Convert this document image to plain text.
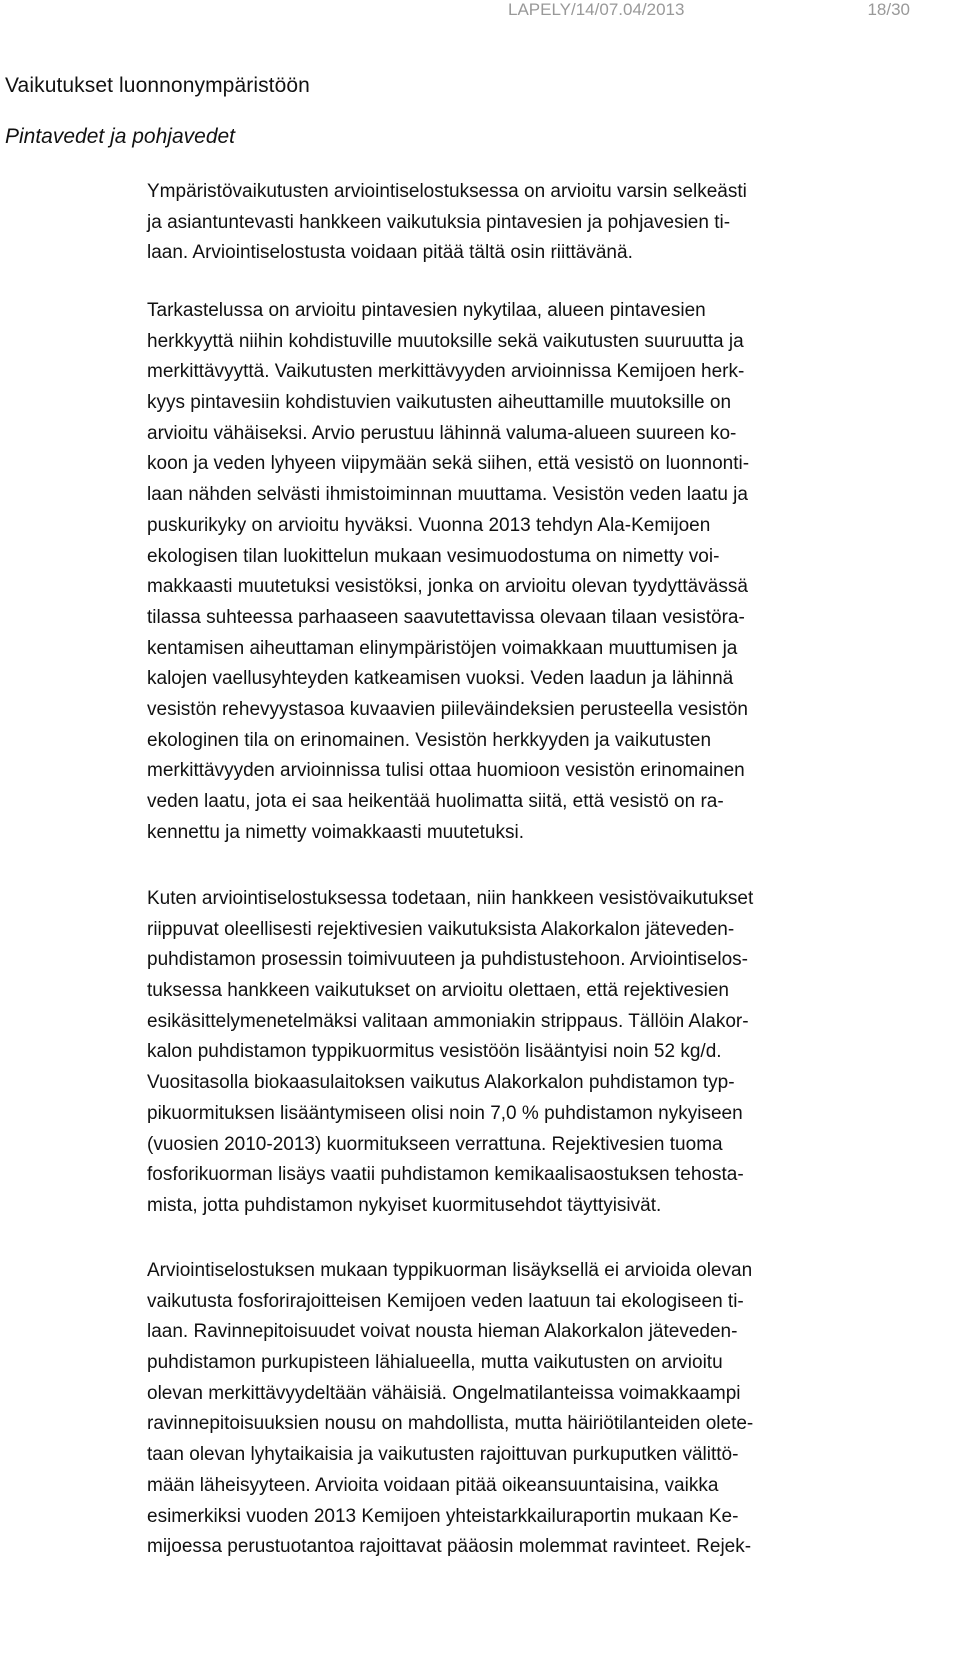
LAPELY/14/07.04/2013	18/30
Vaikutukset luonnonympäristöön
Pintavedet ja pohjavedet
Ympäristövaikutusten arviointiselostuksessa on arvioitu varsin selkeästi
ja asiantuntevasti hankkeen vaikutuksia pintavesien ja pohjavesien ti-
laan. Arviointiselostusta voidaan pitää tältä osin riittävänä.
Tarkastelussa on arvioitu pintavesien nykytilaa, alueen pintavesien
herkkyyttä niihin kohdistuville muutoksille sekä vaikutusten suuruutta ja
merkittävyyttä. Vaikutusten merkittävyyden arvioinnissa Kemijoen herk-
kyys pintavesiin kohdistuvien vaikutusten aiheuttamille muutoksille on
arvioitu vähäiseksi. Arvio perustuu lähinnä valuma-alueen suureen ko-
koon ja veden lyhyeen viipymään sekä siihen, että vesistö on luonnonti-
laan nähden selvästi ihmistoiminnan muuttama. Vesistön veden laatu ja
puskurikyky on arvioitu hyväksi. Vuonna 2013 tehdyn Ala-Kemijoen
ekologisen tilan luokittelun mukaan vesimuodostuma on nimetty voi-
makkaasti muutetuksi vesistöksi, jonka on arvioitu olevan tyydyttävässä
tilassa suhteessa parhaaseen saavutettavissa olevaan tilaan vesistöra-
kentamisen aiheuttaman elinympäristöjen voimakkaan muuttumisen ja
kalojen vaellusyhteyden katkeamisen vuoksi. Veden laadun ja lähinnä
vesistön rehevyystasoa kuvaavien piileväindeksien perusteella vesistön
ekologinen tila on erinomainen. Vesistön herkkyyden ja vaikutusten
merkittävyyden arvioinnissa tulisi ottaa huomioon vesistön erinomainen
veden laatu, jota ei saa heikentää huolimatta siitä, että vesistö on ra-
kennettu ja nimetty voimakkaasti muutetuksi.
Kuten arviointiselostuksessa todetaan, niin hankkeen vesistövaikutukset
riippuvat oleellisesti rejektivesien vaikutuksista Alakorkalon jäteveden-
puhdistamon prosessin toimivuuteen ja puhdistustehoon. Arviointiselos-
tuksessa hankkeen vaikutukset on arvioitu olettaen, että rejektivesien
esikäsittelymenetelmäksi valitaan ammoniakin strippaus. Tällöin Alakor-
kalon puhdistamon typpikuormitus vesistöön lisääntyisi noin 52 kg/d.
Vuositasolla biokaasulaitoksen vaikutus Alakorkalon puhdistamon typ-
pikuormituksen lisääntymiseen olisi noin 7,0 % puhdistamon nykyiseen
(vuosien 2010-2013) kuormitukseen verrattuna. Rejektivesien tuoma
fosforikuorman lisäys vaatii puhdistamon kemikaalisaostuksen tehosta-
mista, jotta puhdistamon nykyiset kuormitusehdot täyttyisivät.
Arviointiselostuksen mukaan typpikuorman lisäyksellä ei arvioida olevan
vaikutusta fosforirajoitteisen Kemijoen veden laatuun tai ekologiseen ti-
laan. Ravinnepitoisuudet voivat nousta hieman Alakorkalon jäteveden-
puhdistamon purkupisteen lähialueella, mutta vaikutusten on arvioitu
olevan merkittävyydeltään vähäisiä. Ongelmatilanteissa voimakkaampi
ravinnepitoisuuksien nousu on mahdollista, mutta häiriötilanteiden olete-
taan olevan lyhytaikaisia ja vaikutusten rajoittuvan purkuputken välittö-
mään läheisyyteen. Arvioita voidaan pitää oikeansuuntaisina, vaikka
esimerkiksi vuoden 2013 Kemijoen yhteistarkkailuraportin mukaan Ke-
mijoessa perustuotantoa rajoittavat pääosin molemmat ravinteet. Rejek-
